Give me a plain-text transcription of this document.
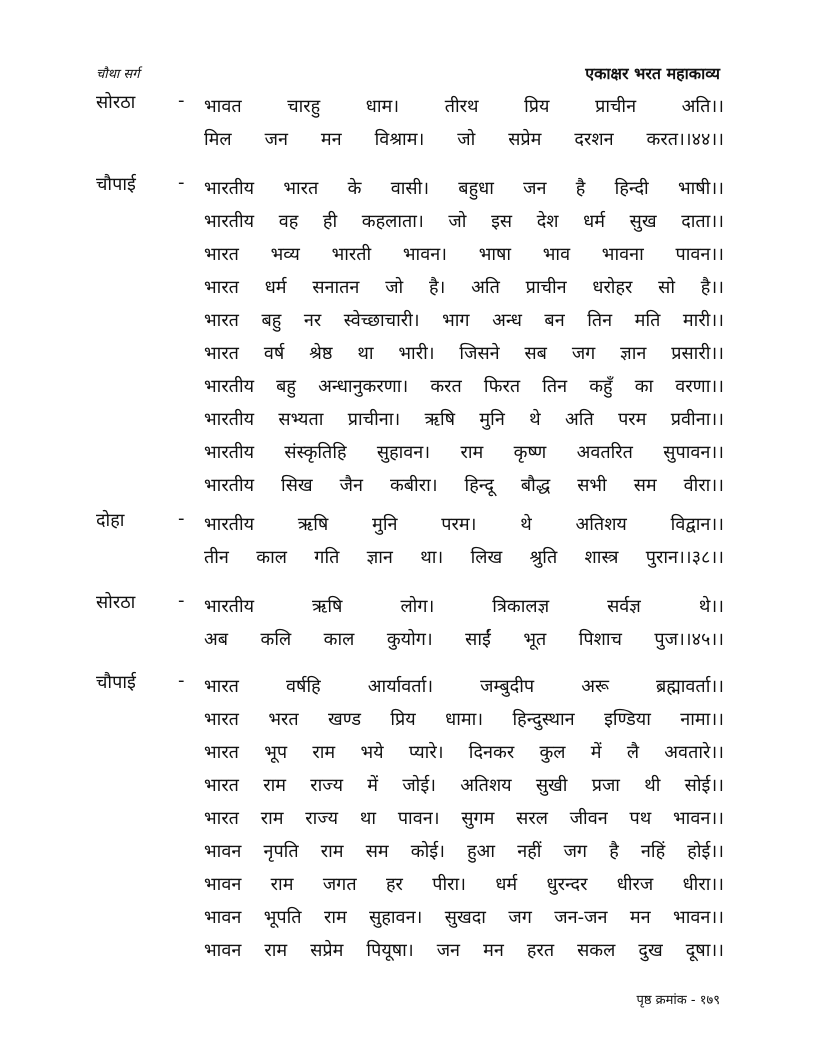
चौथा सर्ग	एकाक्षर भरत महाकाव्य
सोरठा	- भावत चारहु धाम। तीरथ प्रिय प्राचीन अति।।
मिल जन मन विश्राम। जो सप्रेम दरशन करत।।४४।।
चौपाई	- भारतीय भारत के वासी। बहुधा जन है हिन्दी भाषी।।
भारतीय वह ही कहलाता। जो इस देश धर्म सुख दाता।।
भारत भव्य भारती भावन। भाषा भाव भावना पावन।।
भारत धर्म सनातन जो है। अति प्राचीन धरोहर सो है।।
भारत बहु नर स्वेच्छाचारी। भाग अन्ध बन तिन मति मारी।।
भारत वर्ष श्रेष्ठ था भारी। जिसने सब जग ज्ञान प्रसारी।।
भारतीय बहु अन्धानुकरणा। करत फिरत तिन कहुँ का वरणा।।
भारतीय सभ्यता प्राचीना। ऋषि मुनि थे अति परम प्रवीना।।
भारतीय संस्कृतिहि सुहावन। राम कृष्ण अवतरित सुपावन।।
भारतीय सिख जैन कबीरा। हिन्दू बौद्ध सभी सम वीरा।।
दोहा	- भारतीय ऋषि मुनि परम। थे अतिशय विद्वान।।
तीन काल गति ज्ञान था। लिख श्रुति शास्त्र पुरान।।३८।।
सोरठा	- भारतीय ऋषि लोग। त्रिकालज्ञ सर्वज्ञ थे।।
अब कलि काल कुयोग। साईं भूत पिशाच पुज।।४५।।
चौपाई	- भारत वर्षहि आर्यावर्ता। जम्बुदीप अरू ब्रह्मावर्ता।।
भारत भरत खण्ड प्रिय धामा। हिन्दुस्थान इण्डिया नामा।।
भारत भूप राम भये प्यारे। दिनकर कुल में लै अवतारे।।
भारत राम राज्य में जोई। अतिशय सुखी प्रजा थी सोई।।
भारत राम राज्य था पावन। सुगम सरल जीवन पथ भावन।।
भावन नृपति राम सम कोई। हुआ नहीं जग है नहिं होई।।
भावन राम जगत हर पीरा। धर्म धुरन्दर धीरज धीरा।।
भावन भूपति राम सुहावन। सुखदा जग जन-जन मन भावन।।
भावन राम सप्रेम पियूषा। जन मन हरत सकल दुख दूषा।।
पृष्ठ क्रमांक - १७९
